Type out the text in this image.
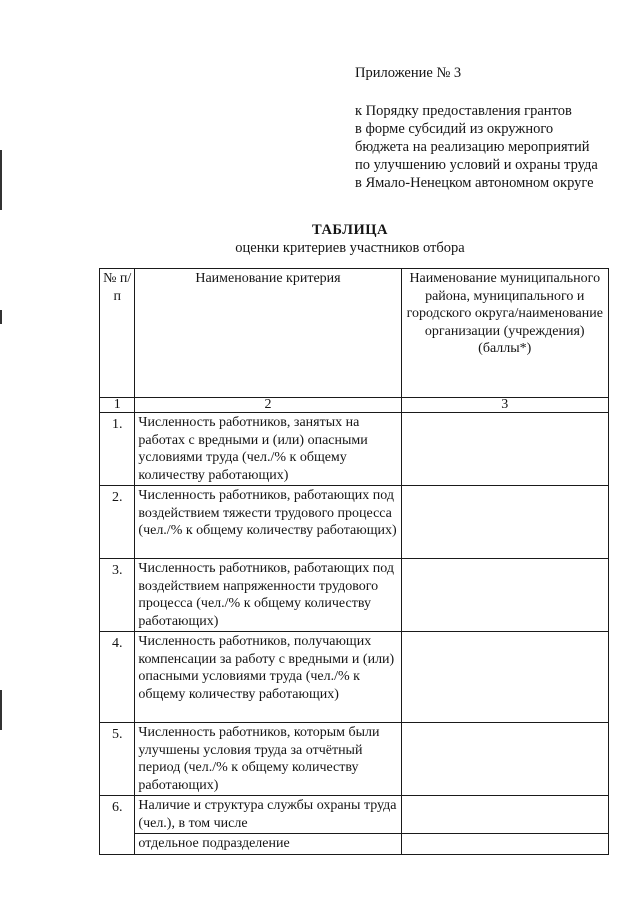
Приложение № 3
к Порядку предоставления грантов
в форме субсидий из окружного
бюджета на реализацию мероприятий
по улучшению условий и охраны труда
в Ямало-Ненецком автономном округе
ТАБЛИЦА
оценки критериев участников отбора
№ п/п	Наименование критерия	Наименование муниципального района, муниципального и городского округа/наименование организации (учреждения) (баллы*)
1	2	3
1.	Численность работников, занятых на работах с вредными и (или) опасными условиями труда (чел./% к общему количеству работающих)	
2.	Численность работников, работающих под воздействием тяжести трудового процесса (чел./% к общему количеству работающих)	
3.	Численность работников, работающих под воздействием напряженности трудового процесса (чел./% к общему количеству работающих)	
4.	Численность работников, получающих компенсации за работу с вредными и (или) опасными условиями труда (чел./% к общему количеству работающих)	
5.	Численность работников, которым были улучшены условия труда за отчётный период (чел./% к общему количеству работающих)	
6.	Наличие и структура службы охраны труда (чел.), в том числе	
	отдельное подразделение	
